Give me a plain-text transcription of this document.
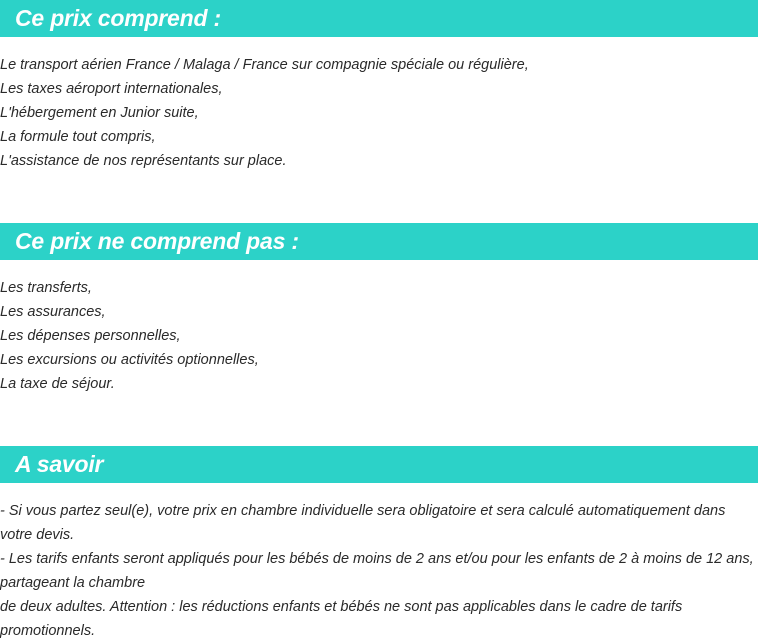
Ce prix comprend :
Le transport aérien France / Malaga / France sur compagnie spéciale ou régulière,
Les taxes aéroport internationales,
L'hébergement en Junior suite,
La formule tout compris,
L'assistance de nos représentants sur place.
Ce prix ne comprend pas :
Les transferts,
Les assurances,
Les dépenses personnelles,
Les excursions ou activités optionnelles,
La taxe de séjour.
A savoir
- Si vous partez seul(e), votre prix en chambre individuelle sera obligatoire et sera calculé automatiquement dans votre devis.
- Les tarifs enfants seront appliqués pour les bébés de moins de 2 ans et/ou pour les enfants de 2 à moins de 12 ans, partageant la chambre
de deux adultes. Attention : les réductions enfants et bébés ne sont pas applicables dans le cadre de tarifs promotionnels.
